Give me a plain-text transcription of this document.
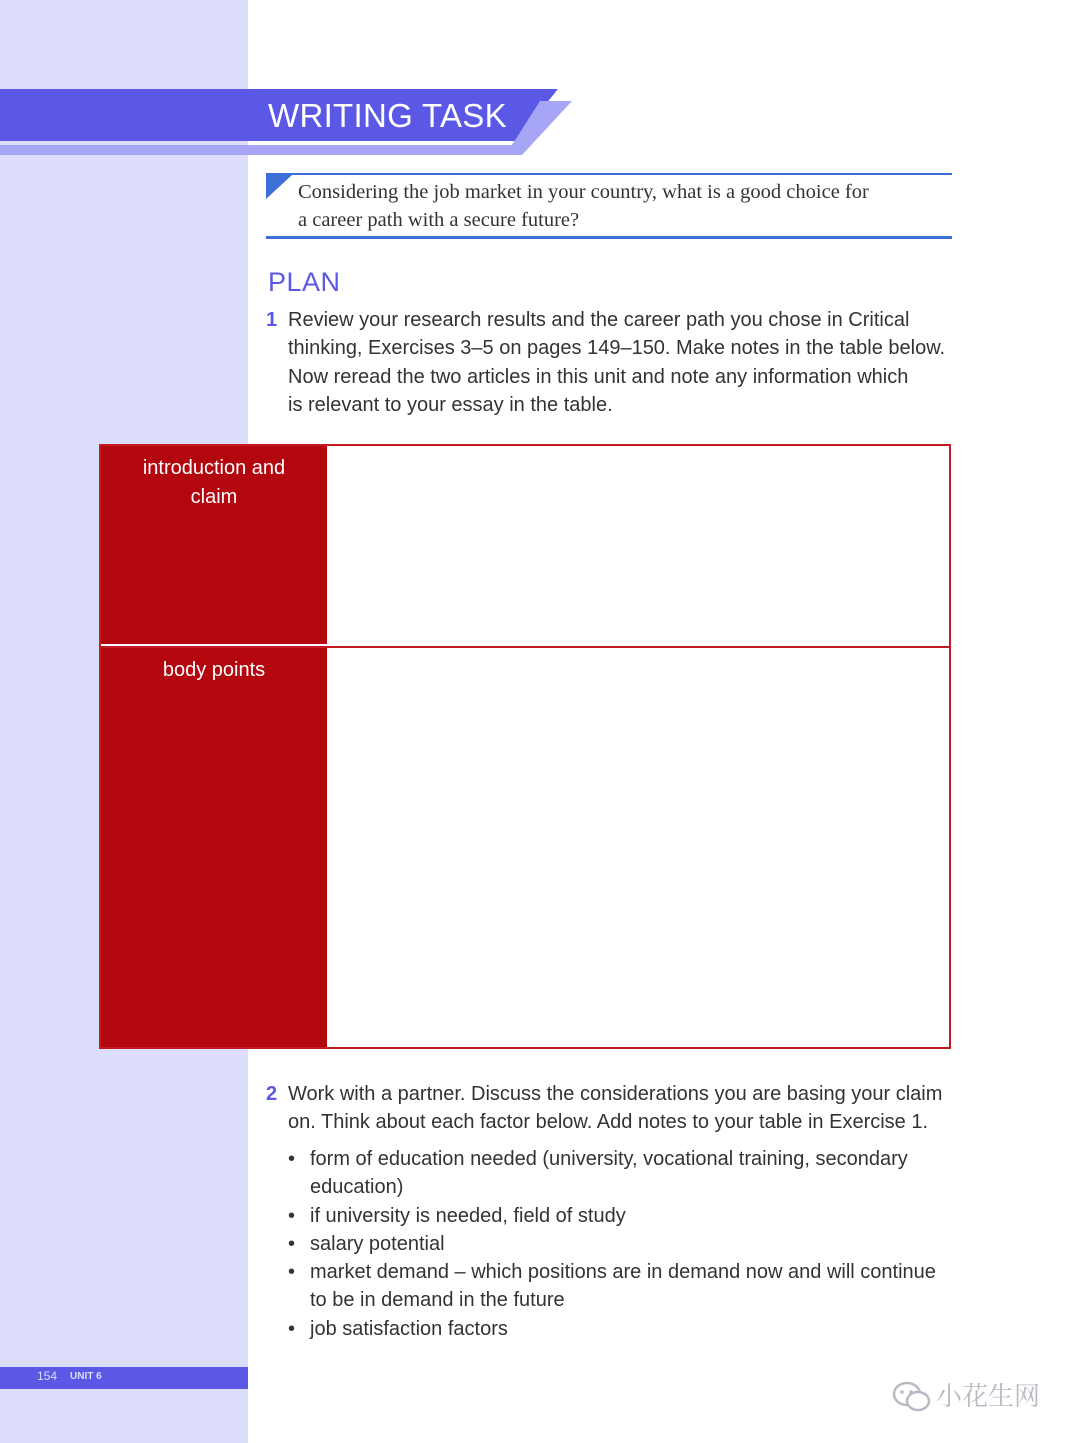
WRITING TASK
Considering the job market in your country, what is a good choice for
a career path with a secure future?
PLAN
1 Review your research results and the career path you chose in Critical
thinking, Exercises 3–5 on pages 149–150. Make notes in the table below.
Now reread the two articles in this unit and note any information which
is relevant to your essay in the table.
introduction and
claim
body points
2 Work with a partner. Discuss the considerations you are basing your claim
on. Think about each factor below. Add notes to your table in Exercise 1.
• form of education needed (university, vocational training, secondary
education)
• if university is needed, field of study
• salary potential
• market demand – which positions are in demand now and will continue
to be in demand in the future
• job satisfaction factors
154 UNIT 6
小花生网
